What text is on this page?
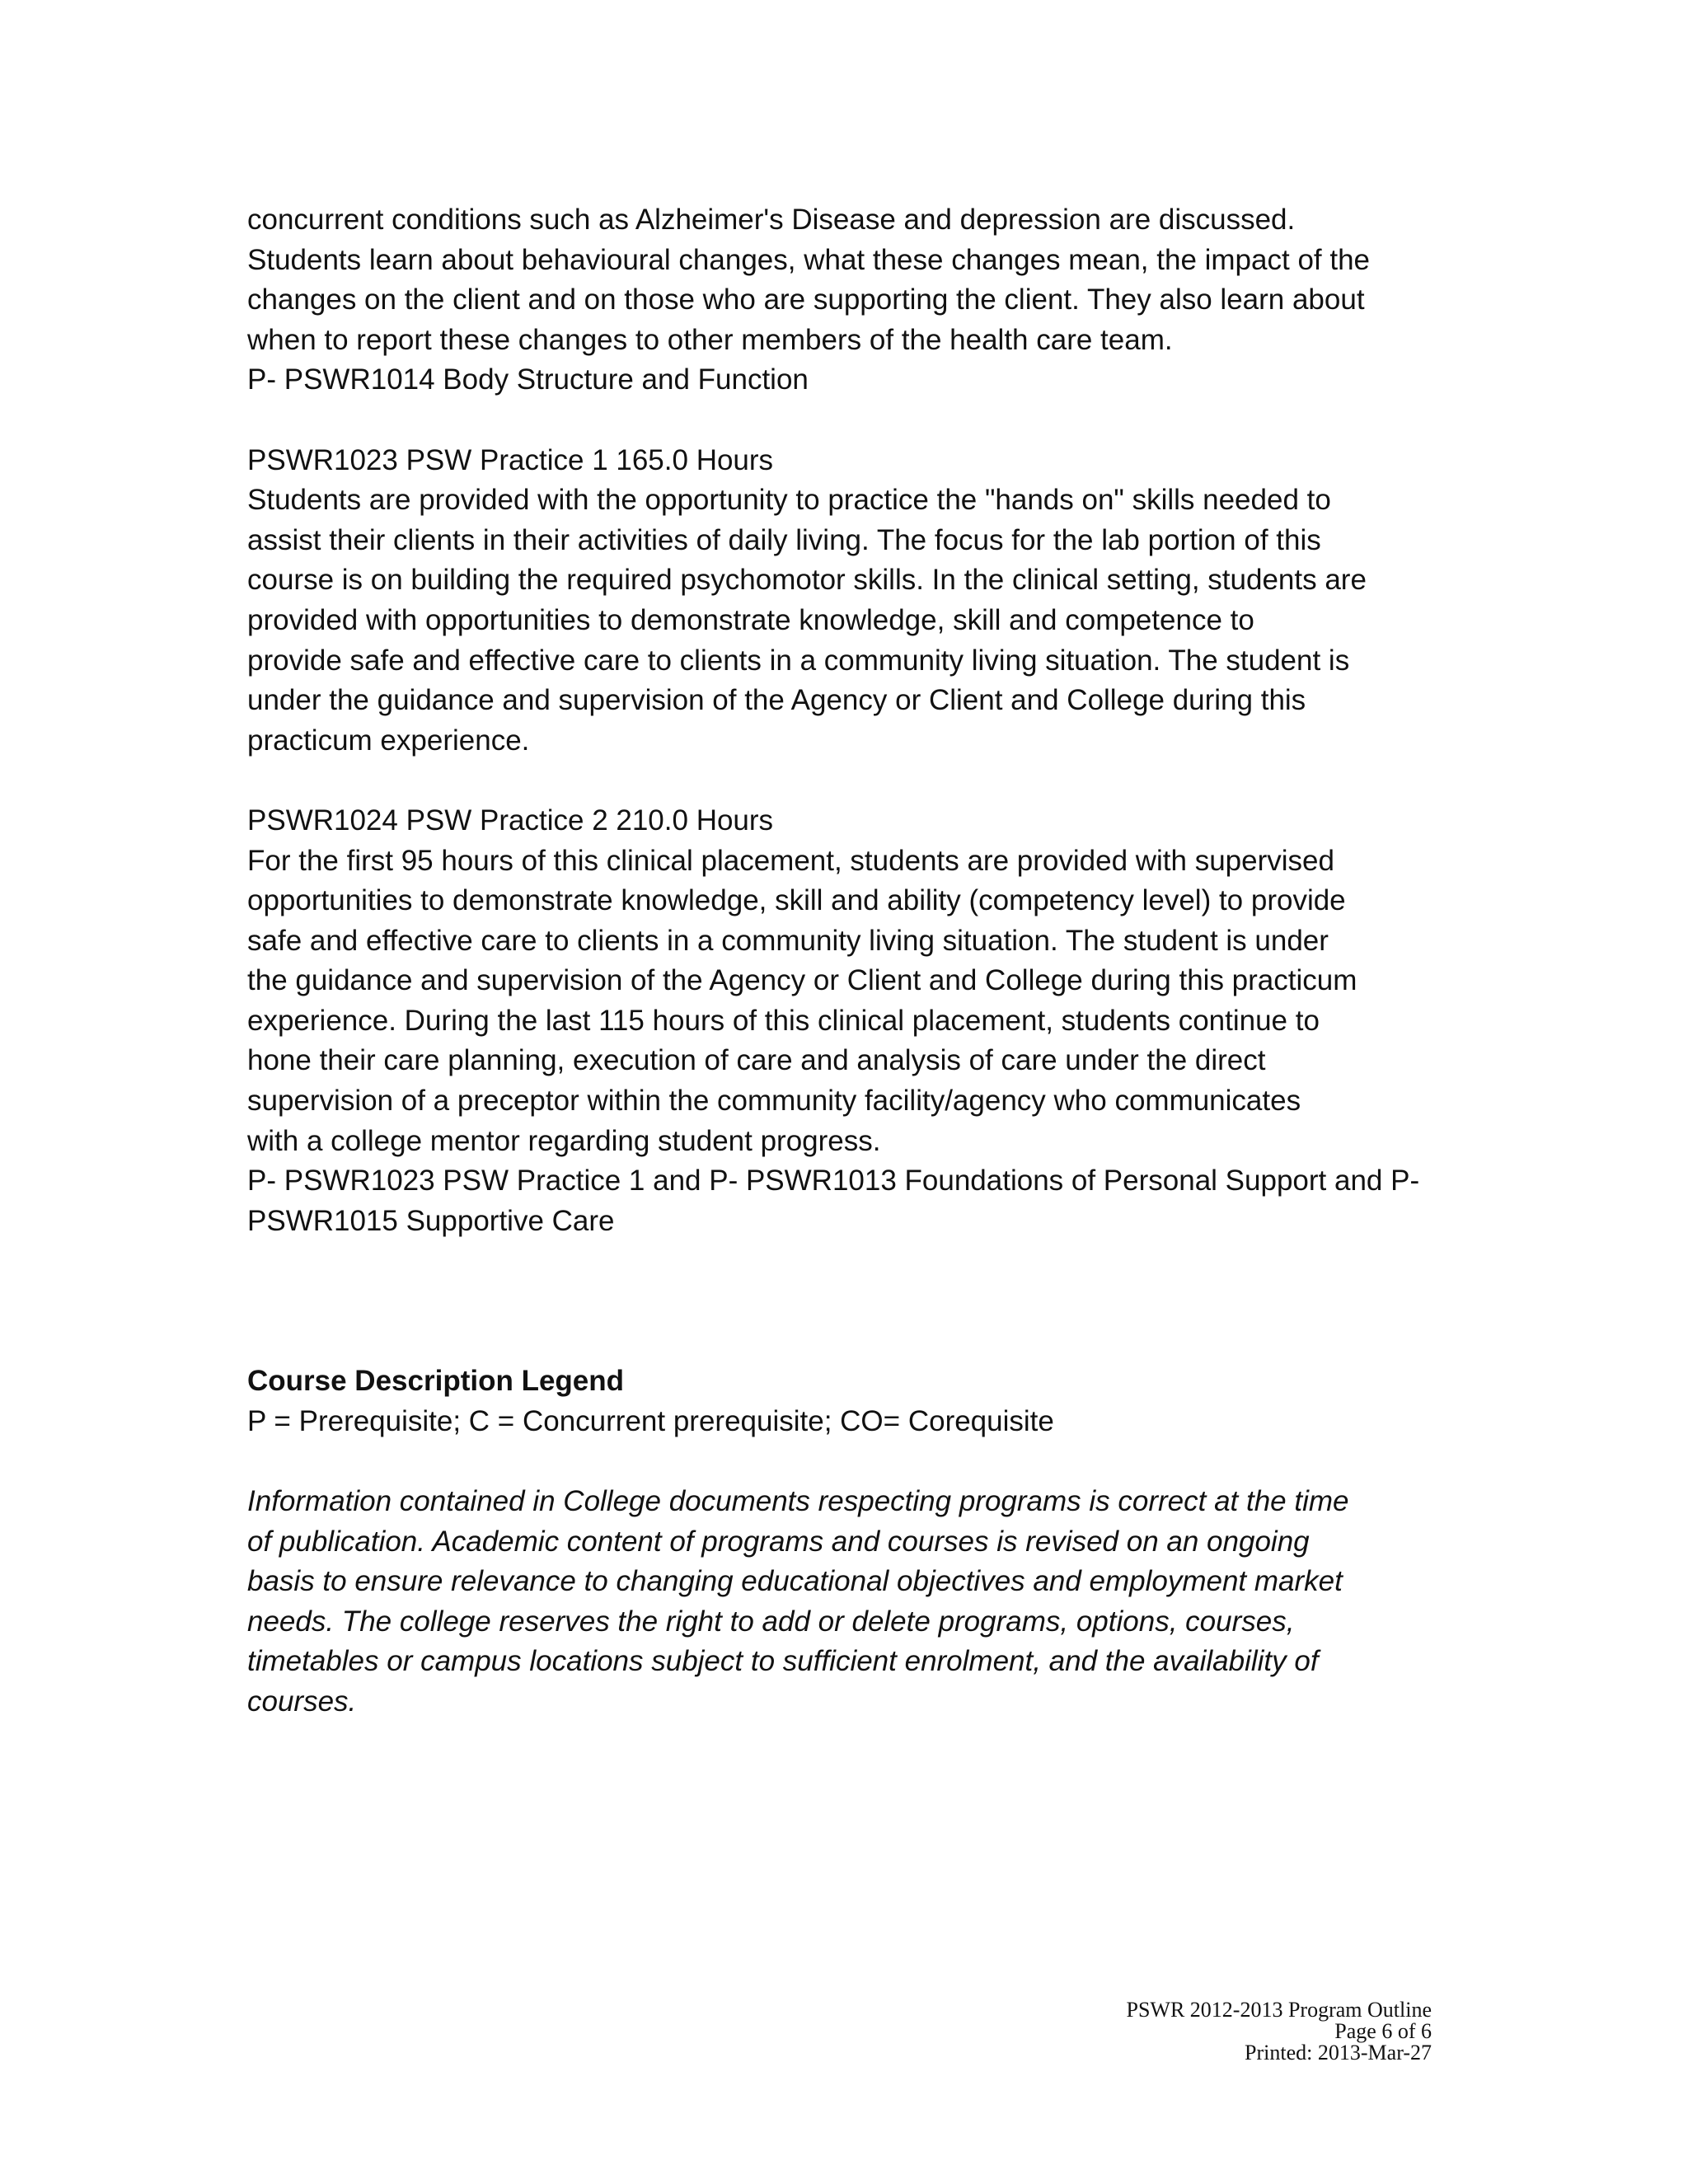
concurrent conditions such as Alzheimer's Disease and depression are discussed.
Students learn about behavioural changes, what these changes mean, the impact of the
changes on the client and on those who are supporting the client. They also learn about
when to report these changes to other members of the health care team.
P- PSWR1014 Body Structure and Function
PSWR1023 PSW Practice 1 165.0 Hours
Students are provided with the opportunity to practice the "hands on" skills needed to
assist their clients in their activities of daily living. The focus for the lab portion of this
course is on building the required psychomotor skills. In the clinical setting, students are
provided with opportunities to demonstrate knowledge, skill and competence to
provide safe and effective care to clients in a community living situation. The student is
under the guidance and supervision of the Agency or Client and College during this
practicum experience.
PSWR1024 PSW Practice 2 210.0 Hours
For the first 95 hours of this clinical placement, students are provided with supervised
opportunities to demonstrate knowledge, skill and ability (competency level) to provide
safe and effective care to clients in a community living situation. The student is under
the guidance and supervision of the Agency or Client and College during this practicum
experience. During the last 115 hours of this clinical placement, students continue to
hone their care planning, execution of care and analysis of care under the direct
supervision of a preceptor within the community facility/agency who communicates
with a college mentor regarding student progress.
P- PSWR1023 PSW Practice 1 and P- PSWR1013 Foundations of Personal Support and P-
PSWR1015 Supportive Care
Course Description Legend
P = Prerequisite; C = Concurrent prerequisite; CO= Corequisite
Information contained in College documents respecting programs is correct at the time
of publication. Academic content of programs and courses is revised on an ongoing
basis to ensure relevance to changing educational objectives and employment market
needs. The college reserves the right to add or delete programs, options, courses,
timetables or campus locations subject to sufficient enrolment, and the availability of
courses.
PSWR 2012-2013 Program Outline
Page 6 of 6
Printed: 2013-Mar-27
